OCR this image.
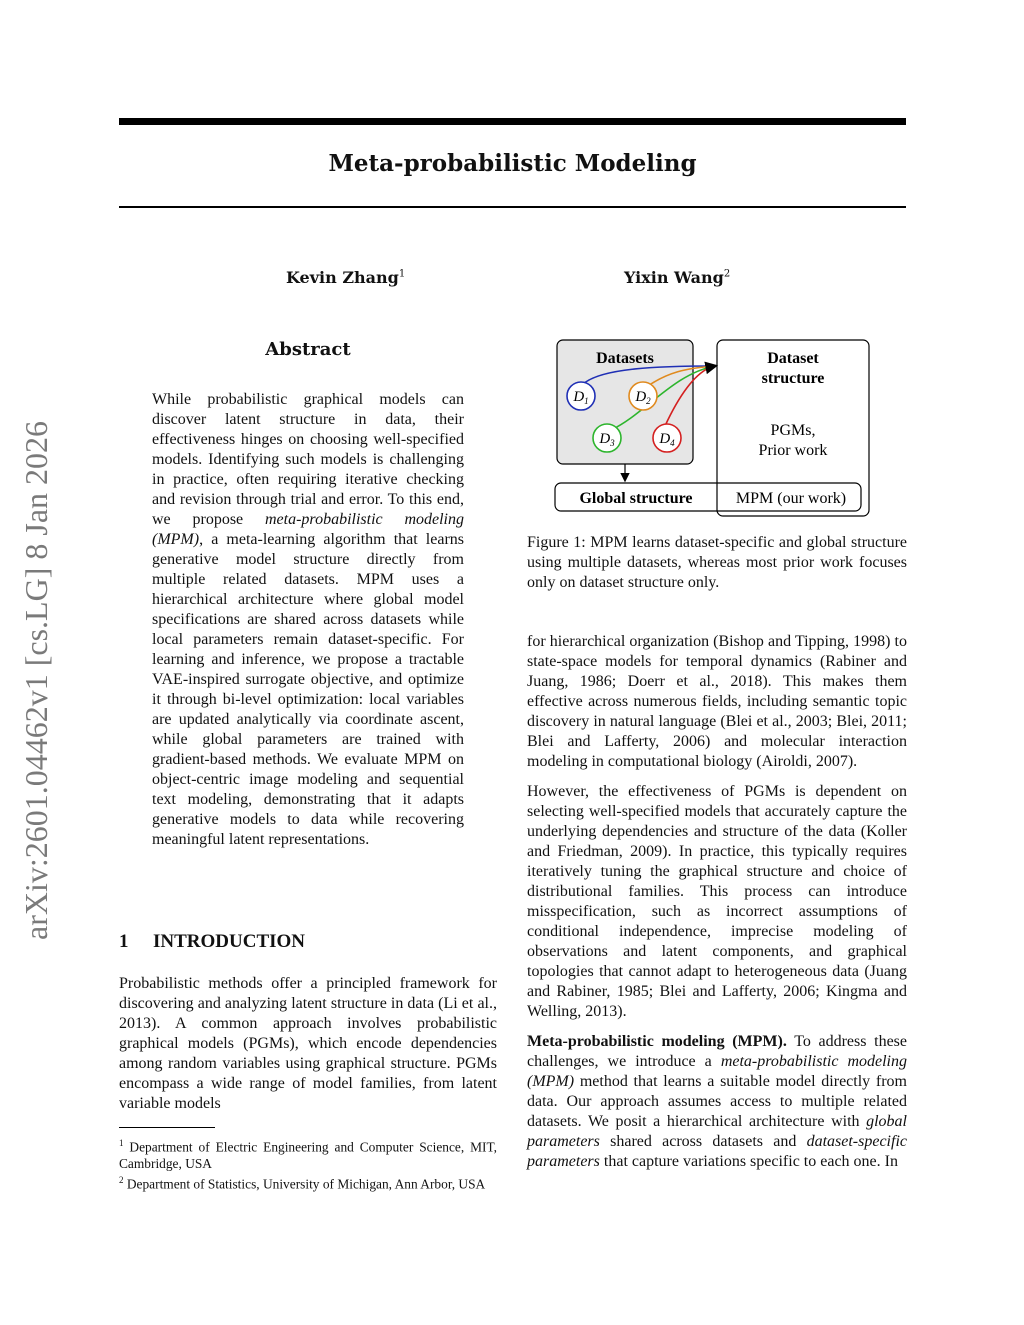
arXiv:2601.04462v1 [cs.LG] 8 Jan 2026
Meta-probabilistic Modeling
Kevin Zhang$^1$	Yixin Wang$^2$
Abstract
While probabilistic graphical models can discover latent structure in data, their effectiveness hinges on choosing well-specified models. Identifying such models is challenging in practice, often requiring iterative checking and revision through trial and error. To this end, we propose meta-probabilistic modeling (MPM), a meta-learning algorithm that learns generative model structure directly from multiple related datasets. MPM uses a hierarchical architecture where global model specifications are shared across datasets while local parameters remain dataset-specific. For learning and inference, we propose a tractable VAE-inspired surrogate objective, and optimize it through bi-level optimization: local variables are updated analytically via coordinate ascent, while global parameters are trained with gradient-based methods. We evaluate MPM on object-centric image modeling and sequential text modeling, demonstrating that it adapts generative models to data while recovering meaningful latent representations.
1 INTRODUCTION
Probabilistic methods offer a principled framework for discovering and analyzing latent structure in data (Li et al., 2013). A common approach involves probabilistic graphical models (PGMs), which encode dependencies among random variables using graphical structure. PGMs encompass a wide range of model families, from latent variable models
$^1$ Department of Electric Engineering and Computer Science, MIT, Cambridge, USA
$^2$ Department of Statistics, University of Michigan, Ann Arbor, USA
Datasets	Dataset structure
PGMs,
Prior work
Global structure	MPM (our work)
$D_1$	$D_2$
$D_3$	$D_4$
Figure 1: MPM learns dataset-specific and global structure using multiple datasets, whereas most prior work focuses only on dataset structure only.

for hierarchical organization (Bishop and Tipping, 1998) to state-space models for temporal dynamics (Rabiner and Juang, 1986; Doerr et al., 2018). This makes them effective across numerous fields, including semantic topic discovery in natural language (Blei et al., 2003; Blei, 2011; Blei and Lafferty, 2006) and molecular interaction modeling in computational biology (Airoldi, 2007).

However, the effectiveness of PGMs is dependent on selecting well-specified models that accurately capture the underlying dependencies and structure of the data (Koller and Friedman, 2009). In practice, this typically requires iteratively tuning the graphical structure and choice of distributional families. This process can introduce misspecification, such as incorrect assumptions of conditional independence, imprecise modeling of observations and latent components, and graphical topologies that cannot adapt to heterogeneous data (Juang and Rabiner, 1985; Blei and Lafferty, 2006; Kingma and Welling, 2013).

Meta-probabilistic modeling (MPM). To address these challenges, we introduce a meta-probabilistic modeling (MPM) method that learns a suitable model directly from data. Our approach assumes access to multiple related datasets. We posit a hierarchical architecture with global parameters shared across datasets and dataset-specific parameters that capture variations specific to each one. In
